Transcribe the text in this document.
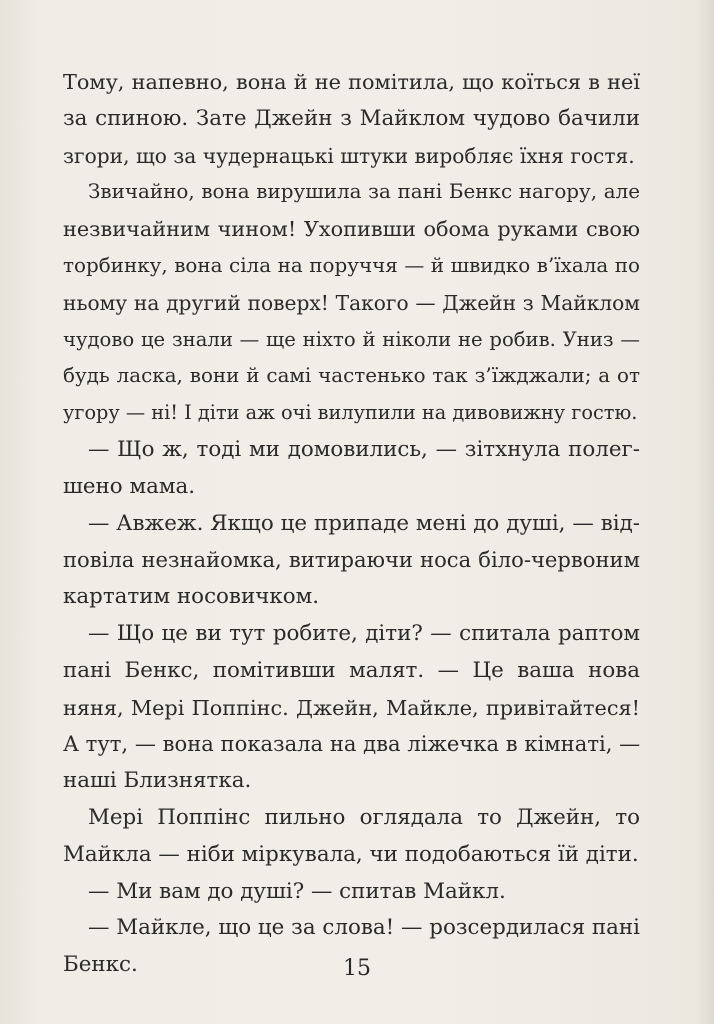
Тому, напевно, вона й не помітила, що коїться в неї
за спиною. Зате Джейн з Майклом чудово бачили
згори, що за чудернацькі штуки виробляє їхня гостя.
Звичайно, вона вирушила за пані Бенкс нагору, але
незвичайним чином! Ухопивши обома руками свою
торбинку, вона сіла на поруччя — й швидко в’їхала по
ньому на другий поверх! Такого — Джейн з Майклом
чудово це знали — ще ніхто й ніколи не робив. Униз —
будь ласка, вони й самі частенько так з’їжджали; а от
угору — ні! І діти аж очі вилупили на дивовижну гостю.
— Що ж, тоді ми домовились, — зітхнула полег-
шено мама.
— Авжеж. Якщо це припаде мені до душі, — від-
повіла незнайомка, витираючи носа біло-червоним
картатим носовичком.
— Що це ви тут робите, діти? — спитала раптом
пані Бенкс, помітивши малят. — Це ваша нова
няня, Мері Поппінс. Джейн, Майкле, привітайтеся!
А тут, — вона показала на два ліжечка в кімнаті, —
наші Близнятка.
Мері Поппінс пильно оглядала то Джейн, то
Майкла — ніби міркувала, чи подобаються їй діти.
— Ми вам до душі? — спитав Майкл.
— Майкле, що це за слова! — розсердилася пані
Бенкс.	15
